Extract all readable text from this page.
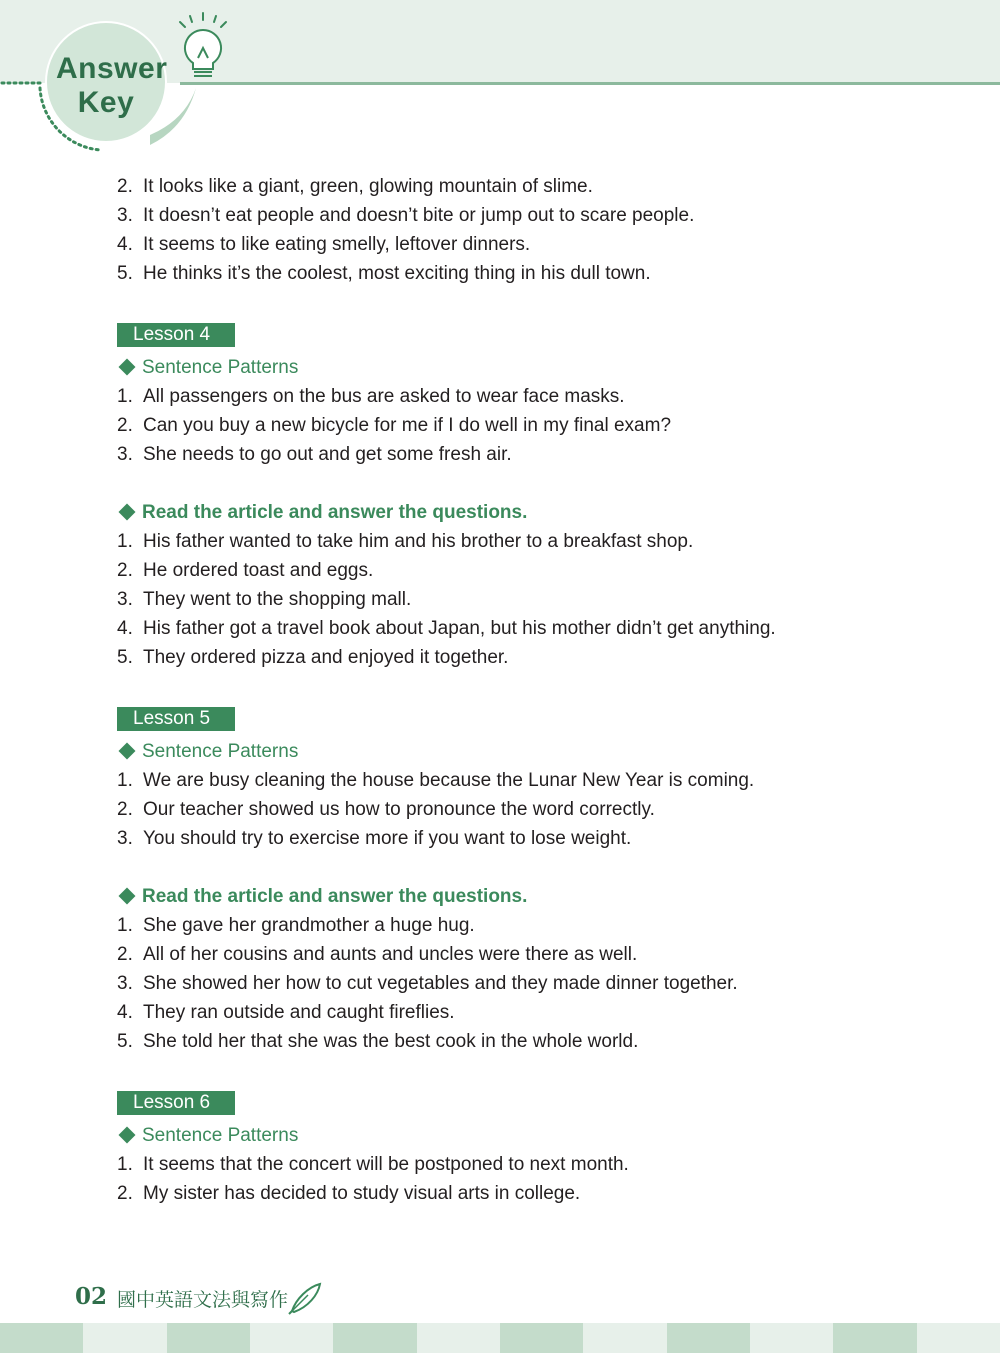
Answer
Key
2. It looks like a giant, green, glowing mountain of slime.
3. It doesn’t eat people and doesn’t bite or jump out to scare people.
4. It seems to like eating smelly, leftover dinners.
5. He thinks it’s the coolest, most exciting thing in his dull town.
Lesson 4
Sentence Patterns
1. All passengers on the bus are asked to wear face masks.
2. Can you buy a new bicycle for me if I do well in my final exam?
3. She needs to go out and get some fresh air.
Read the article and answer the questions.
1. His father wanted to take him and his brother to a breakfast shop.
2. He ordered toast and eggs.
3. They went to the shopping mall.
4. His father got a travel book about Japan, but his mother didn’t get anything.
5. They ordered pizza and enjoyed it together.
Lesson 5
Sentence Patterns
1. We are busy cleaning the house because the Lunar New Year is coming.
2. Our teacher showed us how to pronounce the word correctly.
3. You should try to exercise more if you want to lose weight.
Read the article and answer the questions.
1. She gave her grandmother a huge hug.
2. All of her cousins and aunts and uncles were there as well.
3. She showed her how to cut vegetables and they made dinner together.
4. They ran outside and caught fireflies.
5. She told her that she was the best cook in the whole world.
Lesson 6
Sentence Patterns
1. It seems that the concert will be postponed to next month.
2. My sister has decided to study visual arts in college.
02 國中英語文法與寫作
